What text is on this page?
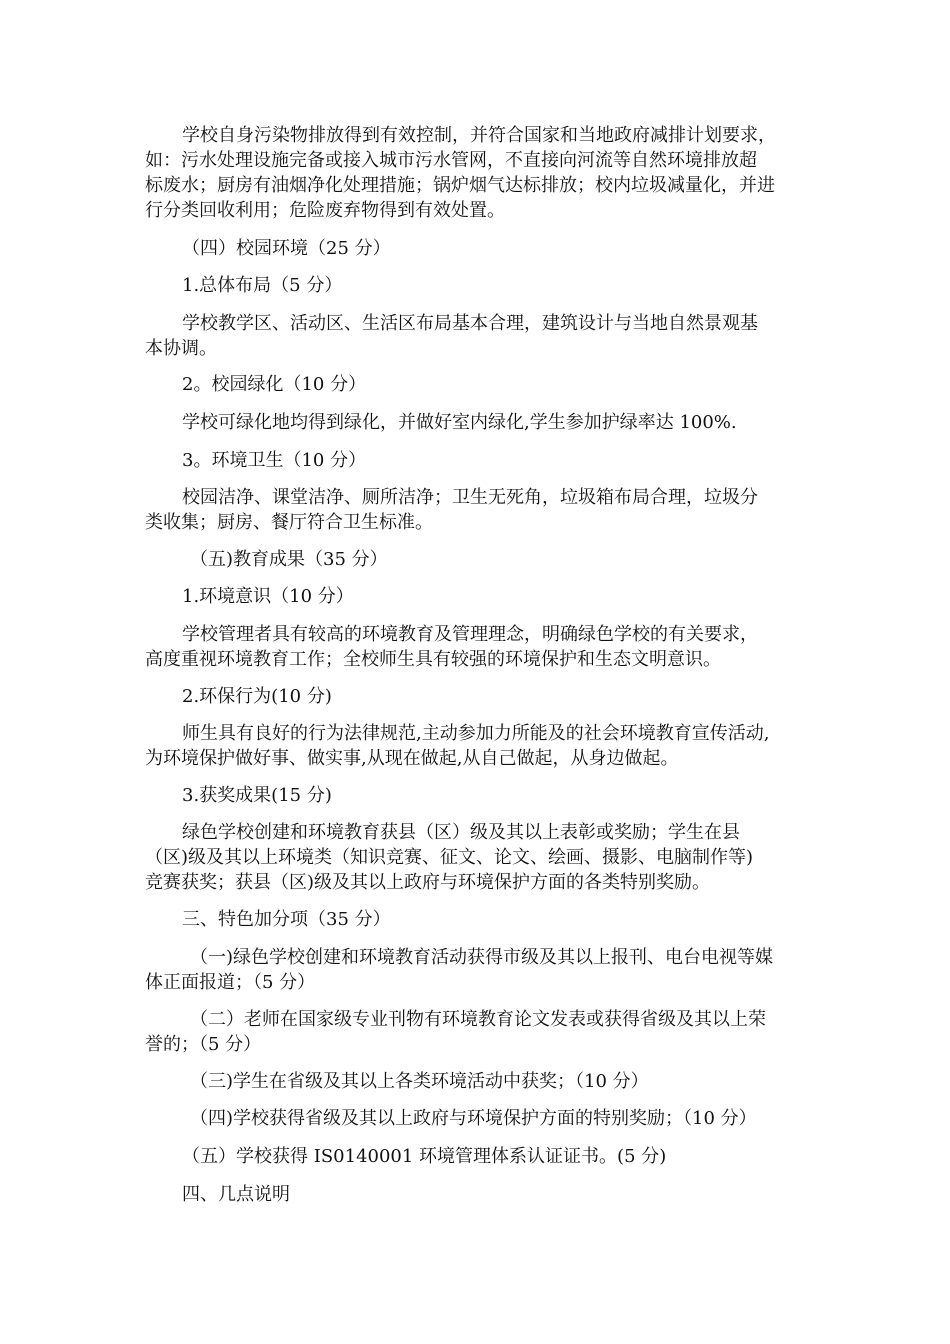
学校自身污染物排放得到有效控制，并符合国家和当地政府减排计划要求，
如：污水处理设施完备或接入城市污水管网，不直接向河流等自然环境排放超
标废水；厨房有油烟净化处理措施；锅炉烟气达标排放；校内垃圾减量化，并进
行分类回收利用；危险废弃物得到有效处置。
（四）校园环境（25 分）
1.总体布局（5 分）
学校教学区、活动区、生活区布局基本合理，建筑设计与当地自然景观基
本协调。
2。校园绿化（10 分）
学校可绿化地均得到绿化，并做好室内绿化,学生参加护绿率达 100%.
3。环境卫生（10 分）
校园洁净、课堂洁净、厕所洁净；卫生无死角，垃圾箱布局合理，垃圾分
类收集；厨房、餐厅符合卫生标准。
（五)教育成果（35 分）
1.环境意识（10 分）
学校管理者具有较高的环境教育及管理理念，明确绿色学校的有关要求，
高度重视环境教育工作；全校师生具有较强的环境保护和生态文明意识。
2.环保行为(10 分)
师生具有良好的行为法律规范,主动参加力所能及的社会环境教育宣传活动,
为环境保护做好事、做实事,从现在做起,从自己做起，从身边做起。
3.获奖成果(15 分)
绿色学校创建和环境教育获县（区）级及其以上表彰或奖励；学生在县
（区)级及其以上环境类（知识竞赛、征文、论文、绘画、摄影、电脑制作等)
竞赛获奖；获县（区)级及其以上政府与环境保护方面的各类特别奖励。
三、特色加分项（35 分）
（一)绿色学校创建和环境教育活动获得市级及其以上报刊、电台电视等媒
体正面报道；（5 分）
（二）老师在国家级专业刊物有环境教育论文发表或获得省级及其以上荣
誉的；（5 分）
（三)学生在省级及其以上各类环境活动中获奖；（10 分）
（四)学校获得省级及其以上政府与环境保护方面的特别奖励；（10 分）
（五）学校获得 IS0140001 环境管理体系认证证书。(5 分)
四、几点说明
